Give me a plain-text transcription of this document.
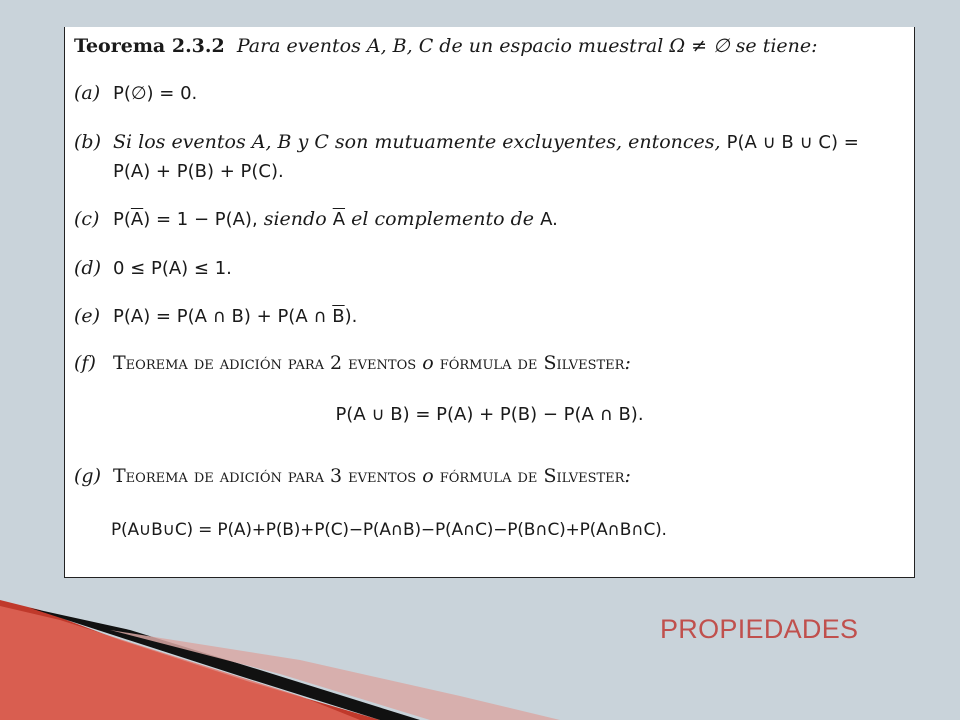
Teorema 2.3.2 Para eventos A, B, C de un espacio muestral Ω ≠ ∅ se tiene:
(a) P(∅) = 0.
(b) Si los eventos A, B y C son mutuamente excluyentes, entonces, P(A ∪ B ∪ C) =
P(A) + P(B) + P(C).
(c) $P(\overline{A}) = 1 - P(A)$, siendo $\overline{A}$ el complemento de A.
(d) 0 ≤ P(A) ≤ 1.
(e) P(A) = P(A ∩ B) + P(A ∩ $\overline{B}$).
(f) Teorema de adición para 2 eventos o fórmula de Silvester:
P(A ∪ B) = P(A) + P(B) − P(A ∩ B).
(g) Teorema de adición para 3 eventos o fórmula de Silvester:
P(A∪B∪C) = P(A)+P(B)+P(C)−P(A∩B)−P(A∩C)−P(B∩C)+P(A∩B∩C).
PROPIEDADES
